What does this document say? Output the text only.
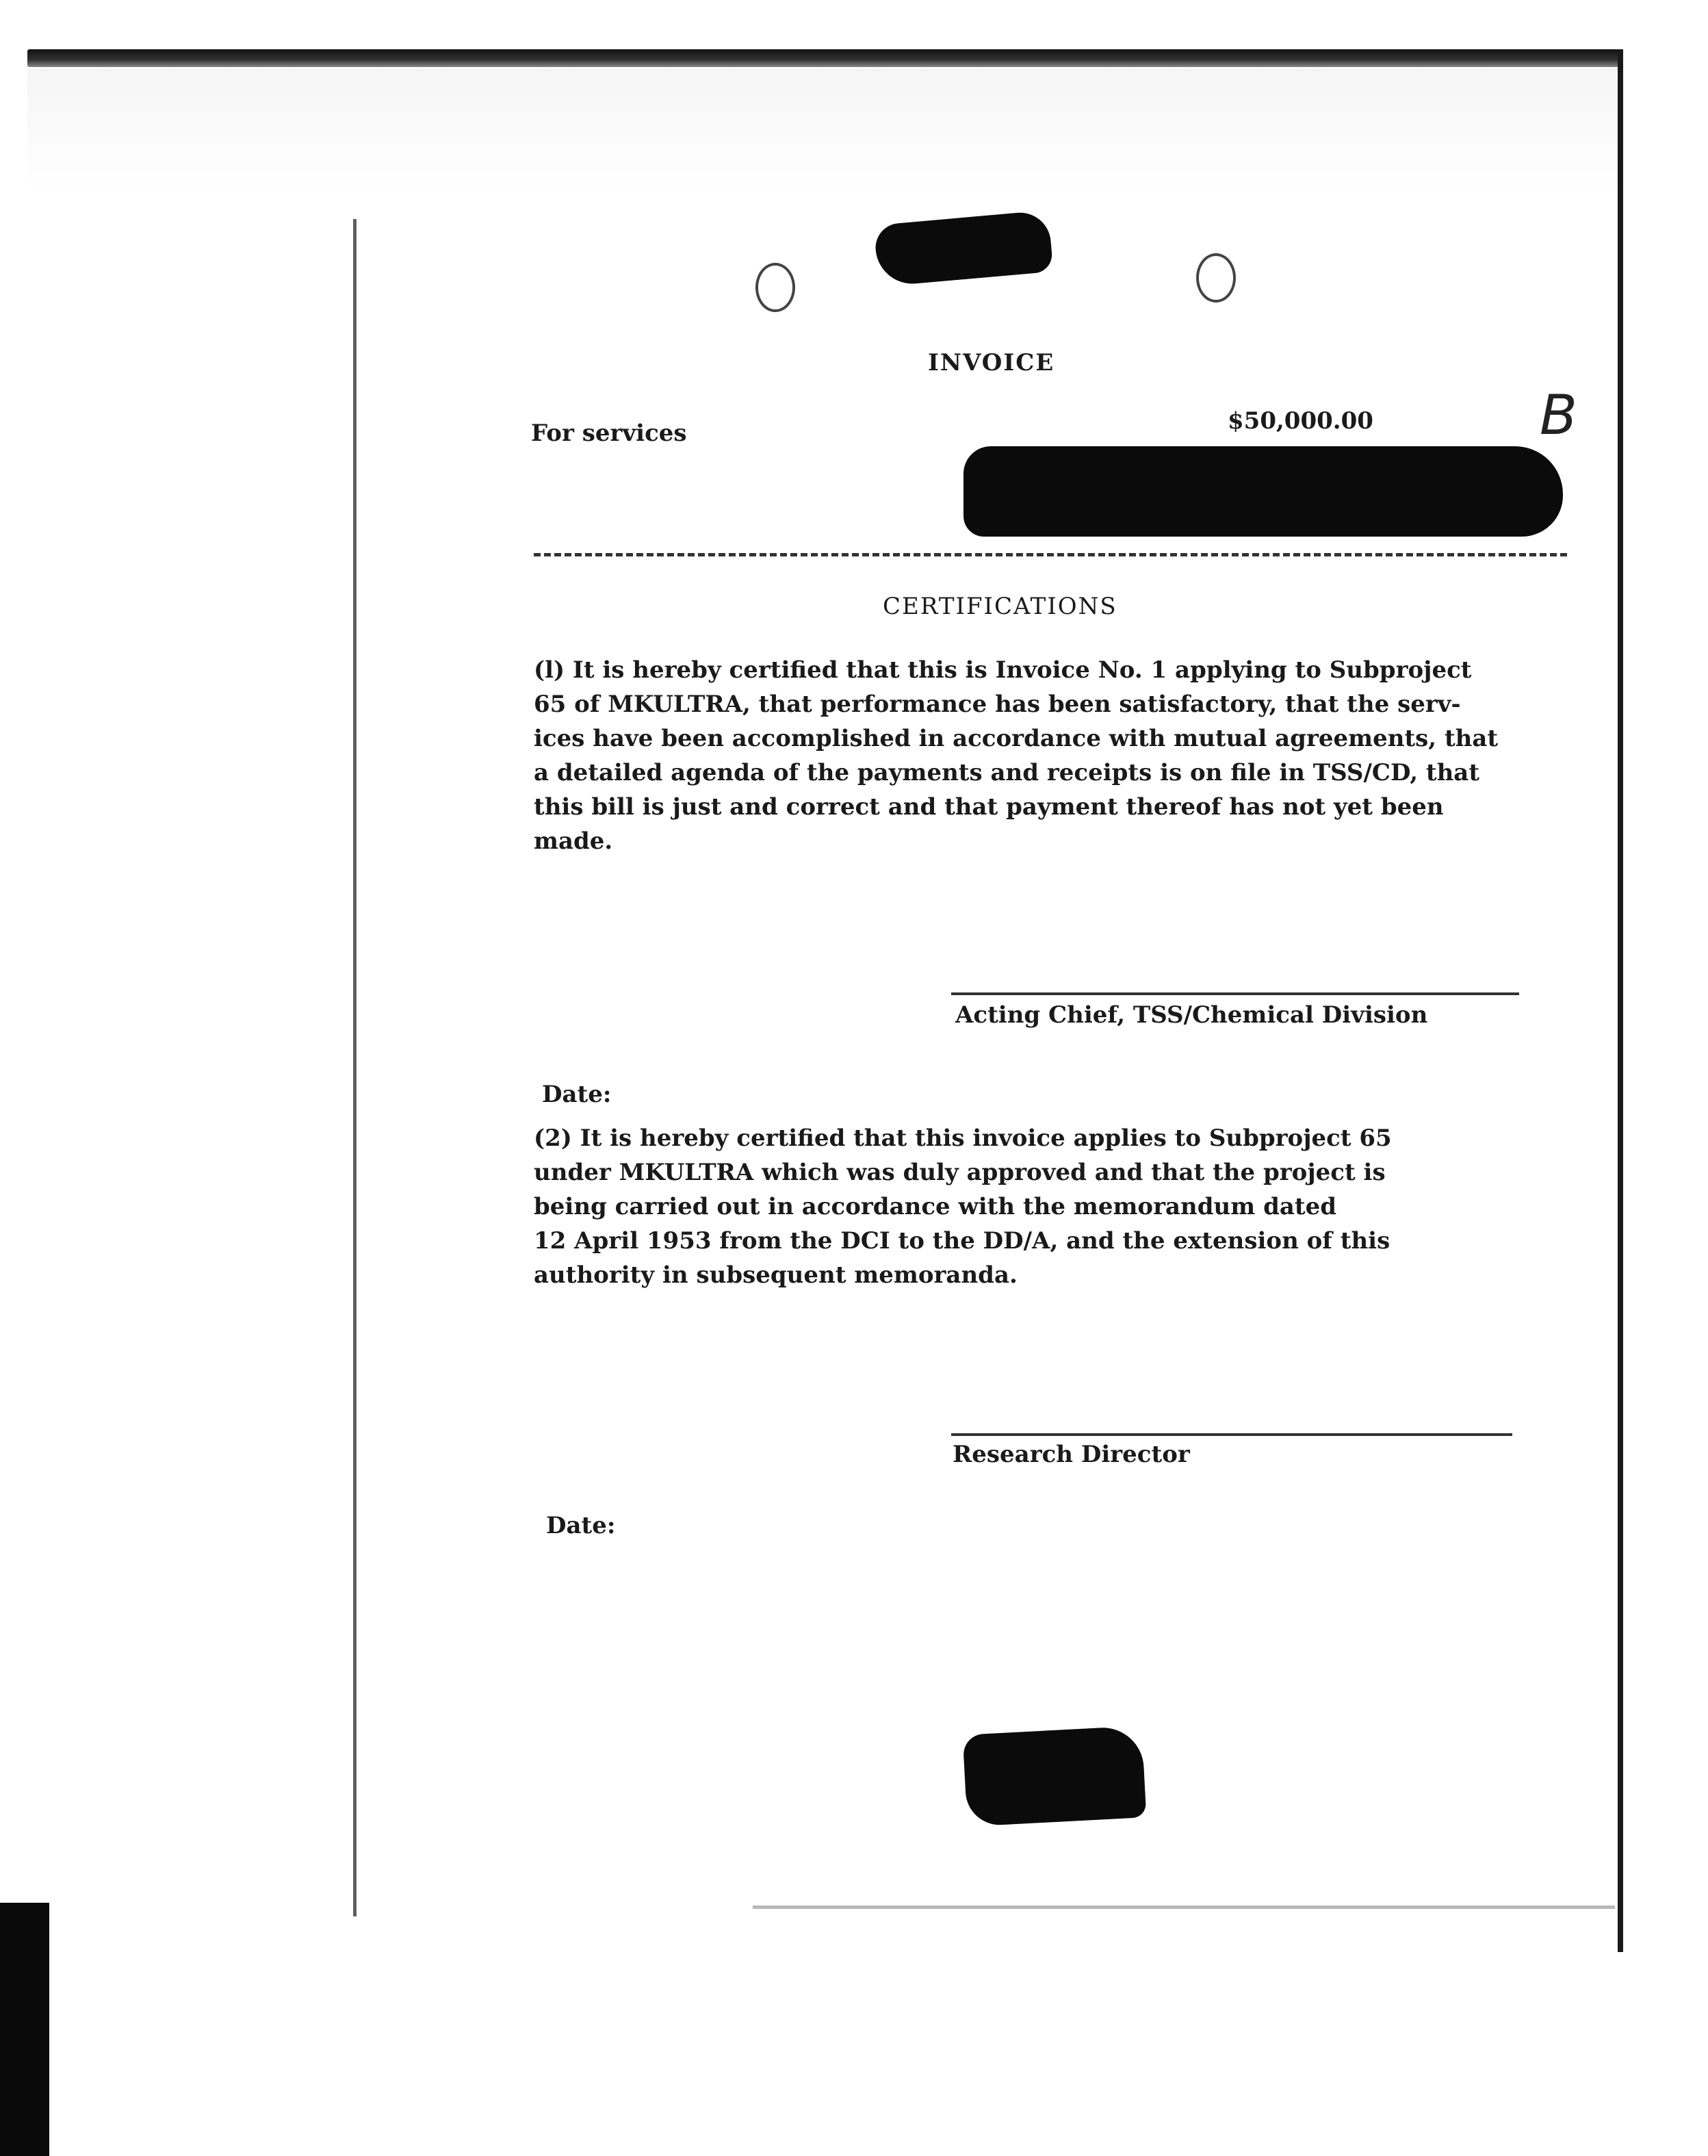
INVOICE
For services	$50,000.00	B
CERTIFICATIONS
(l) It is hereby certified that this is Invoice No. 1 applying to Subproject
65 of MKULTRA, that performance has been satisfactory, that the serv-
ices have been accomplished in accordance with mutual agreements, that
a detailed agenda of the payments and receipts is on file in TSS/CD, that
this bill is just and correct and that payment thereof has not yet been
made.
Acting Chief, TSS/Chemical Division
Date:
(2) It is hereby certified that this invoice applies to Subproject 65
under MKULTRA which was duly approved and that the project is
being carried out in accordance with the memorandum dated
12 April 1953 from the DCI to the DD/A, and the extension of this
authority in subsequent memoranda.
Research Director
Date:
